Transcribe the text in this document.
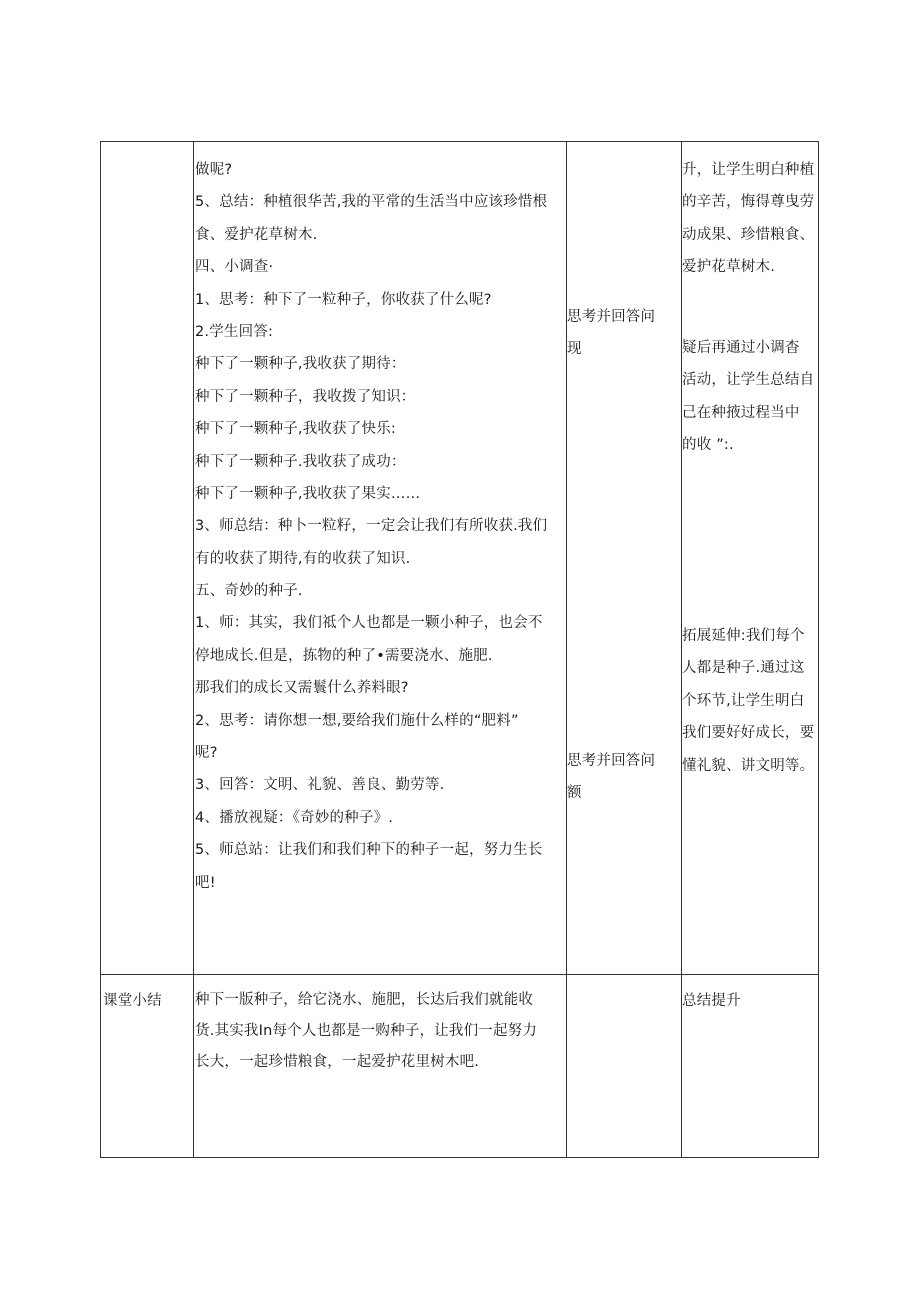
做呢?
5、总结：种植很华苦,我的平常的生活当中应该珍惜根
食、爱护花草树木.
四、小调查·
1、思考：种下了一粒种子，你收获了什么呢?
2.学生回答:
种下了一颗种子,我收获了期待：
种下了一颗种子，我收拨了知识：
种下了一颗种子,我收获了快乐:
种下了一颗种子.我收获了成功：
种下了一颗种子,我收获了果实……
3、师总结：种卜一粒籽，一定会让我们有所收获.我们
有的收获了期待,有的收获了知识.
五、奇妙的种子.
1、师：其实，我们祗个人也都是一颗小种子，也会不
停地成长.但是，拣物的种了•需要浇水、施肥.
那我们的成长又需鬟什么养料眼?
2、思考：请你想一想,要给我们施什么样的“肥料”
呢?
3、回答：文明、礼貌、善良、勤劳等.
4、播放视疑：《奇妙的种子》.
5、师总站：让我们和我们种下的种子一起，努力生长
吧!
思考并回答问
现
思考并回答问
额
升，让学生明白种植
的辛苦，悔得尊曳劳
动成果、珍惜粮食、
爱护花草树木.
疑后再通过小调杳
活动，让学生总结自
己在种掖过程当中
的收 ”:.
拓展延伸:我们每个
人都是种子.通过这
个环节,让学生明白
我们要好好成长，要
懂礼貌、讲文明等。
课堂小结	种下一版种子，给它浇水、施肥，长达后我们就能收
货.其实我In每个人也都是一购种子，让我们一起努力
长大，一起珍惜粮食，一起爱护花里树木吧.
总结提升
